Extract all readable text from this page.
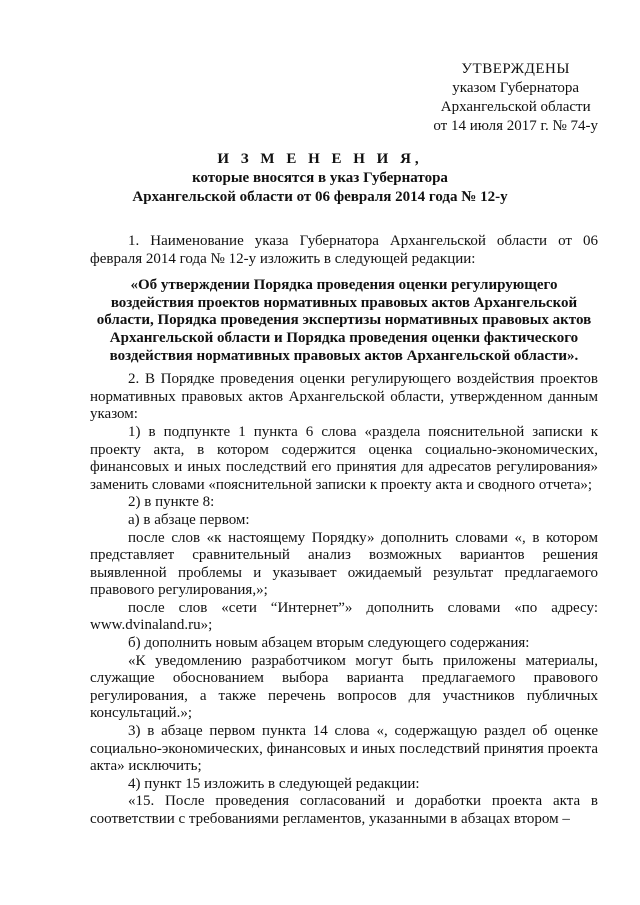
УТВЕРЖДЕНЫ
указом Губернатора
Архангельской области
от 14 июля 2017 г. № 74-у
И З М Е Н Е Н И Я,
которые вносятся в указ Губернатора
Архангельской области от 06 февраля 2014 года № 12-у

1. Наименование указа Губернатора Архангельской области от 06 февраля 2014 года № 12-у изложить в следующей редакции:

«Об утверждении Порядка проведения оценки регулирующего воздействия проектов нормативных правовых актов Архангельской области, Порядка проведения экспертизы нормативных правовых актов Архангельской области и Порядка проведения оценки фактического воздействия нормативных правовых актов Архангельской области».

2. В Порядке проведения оценки регулирующего воздействия проектов нормативных правовых актов Архангельской области, утвержденном данным указом:

1) в подпункте 1 пункта 6 слова «раздела пояснительной записки к проекту акта, в котором содержится оценка социально-экономических, финансовых и иных последствий его принятия для адресатов регулирования» заменить словами «пояснительной записки к проекту акта и сводного отчета»;

2) в пункте 8:

а) в абзаце первом:

после слов «к настоящему Порядку» дополнить словами «, в котором представляет сравнительный анализ возможных вариантов решения выявленной проблемы и указывает ожидаемый результат предлагаемого правового регулирования,»;

после слов «сети “Интернет”» дополнить словами «по адресу: www.dvinaland.ru»;

б) дополнить новым абзацем вторым следующего содержания:

«К уведомлению разработчиком могут быть приложены материалы, служащие обоснованием выбора варианта предлагаемого правового регулирования, а также перечень вопросов для участников публичных консультаций.»;

3) в абзаце первом пункта 14 слова «, содержащую раздел об оценке социально-экономических, финансовых и иных последствий принятия проекта акта» исключить;

4) пункт 15 изложить в следующей редакции:

«15. После проведения согласований и доработки проекта акта в соответствии с требованиями регламентов, указанными в абзацах втором –
